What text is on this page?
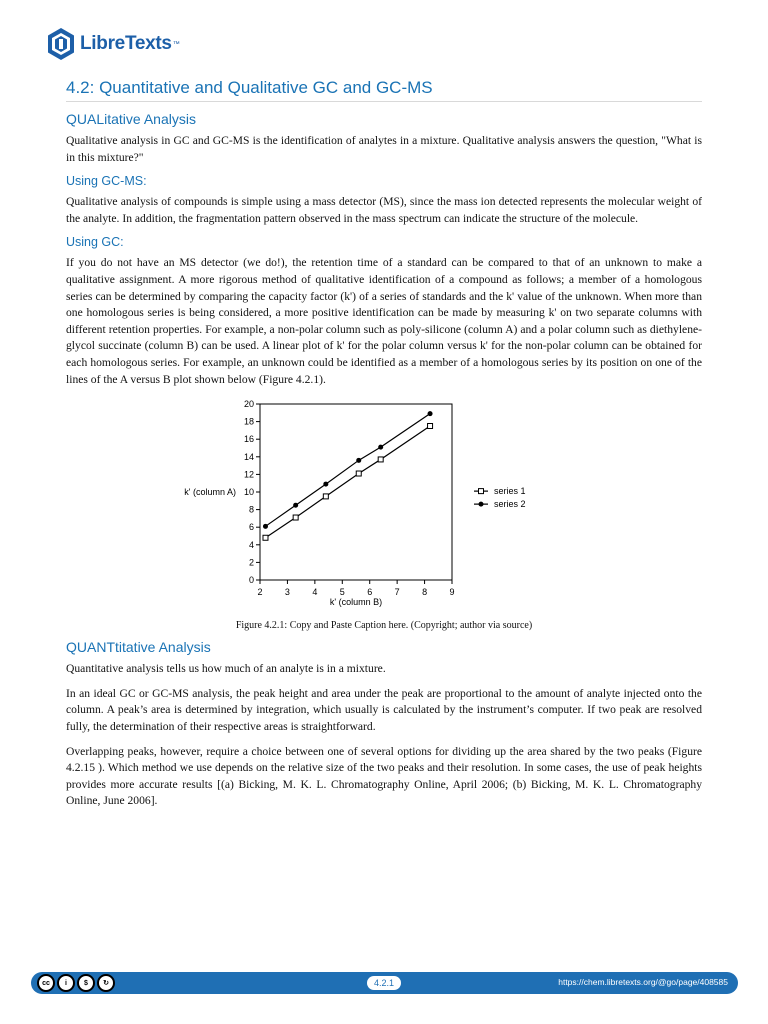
LibreTexts ™
4.2: Quantitative and Qualitative GC and GC-MS
QUALitative Analysis

Qualitative analysis in GC and GC-MS is the identification of analytes in a mixture. Qualitative analysis answers the question, "What is in this mixture?"

Using GC-MS:

Qualitative analysis of compounds is simple using a mass detector (MS), since the mass ion detected represents the molecular weight of the analyte. In addition, the fragmentation pattern observed in the mass spectrum can indicate the structure of the molecule.

Using GC:

If you do not have an MS detector (we do!), the retention time of a standard can be compared to that of an unknown to make a qualitative assignment. A more rigorous method of qualitative identification of a compound as follows; a member of a homologous series can be determined by comparing the capacity factor (k') of a series of standards and the k' value of the unknown. When more than one homologous series is being considered, a more positive identification can be made by measuring k' on two separate columns with different retention properties. For example, a non-polar column such as poly-silicone (column A) and a polar column such as diethylene-glycol succinate (column B) can be used. A linear plot of k' for the polar column versus k' for the non-polar column can be obtained for each homologous series. For example, an unknown could be identified as a member of a homologous series by its position on one of the lines of the A versus B plot shown below (Figure 4.2.1).

0
2
4
6
8
10
12
14
16
18
20
2 3 4 5 6 7 8 9
k' (column B)
k' (column A)	series 1
series 2
Figure 4.2.1: Copy and Paste Caption here. (Copyright; author via source)
QUANTtitative Analysis

Quantitative analysis tells us how much of an analyte is in a mixture.

In an ideal GC or GC-MS analysis, the peak height and area under the peak are proportional to the amount of analyte injected onto the column. A peak’s area is determined by integration, which usually is calculated by the instrument’s computer. If two peak are resolved fully, the determination of their respective areas is straightforward.

Overlapping peaks, however, require a choice between one of several options for dividing up the area shared by the two peaks (Figure 4.2.15 ). Which method we use depends on the relative size of the two peaks and their resolution. In some cases, the use of peak heights provides more accurate results [(a) Bicking, M. K. L. Chromatography Online, April 2006; (b) Bicking, M. K. L. Chromatography Online, June 2006].

cc	i	$	↻	4.2.1	https://chem.libretexts.org/@go/page/408585
